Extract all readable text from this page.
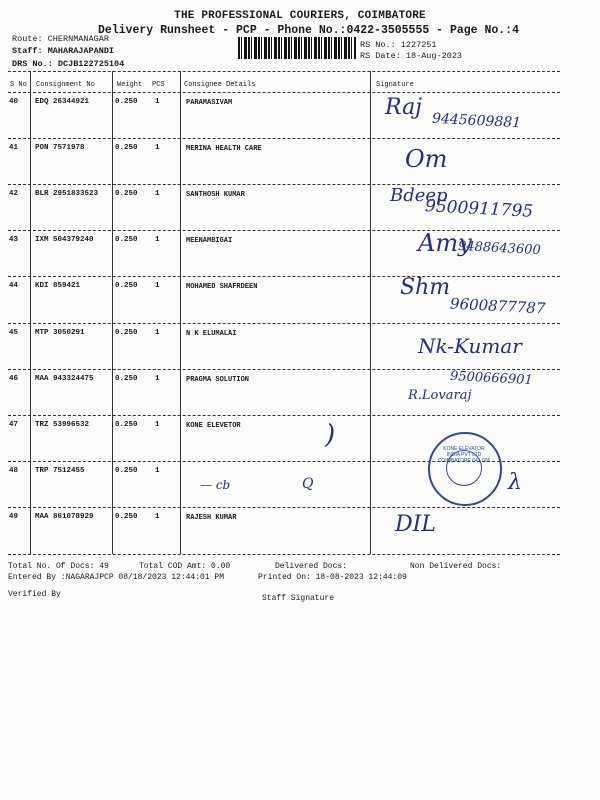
THE PROFESSIONAL COURIERS, COIMBATORE
Delivery Runsheet - PCP - Phone No.:0422-3505555 - Page No.:4
Route: CHERNMANAGAR
Staff: MAHARAJAPANDI
DRS No.: DCJB122725104
RS No.: 1227251
RS Date: 18-Aug-2023
S No Consignment No	Weight PCS	Consignee Details	Signature
40 EDQ 26344921	0.250 1	PARAMASIVAM	Raj
9445609881
41 PON 7571978	0.250 1	MERINA HEALTH CARE	Om
42 BLR 2951833523 0.250 1	SANTHOSH KUMAR	Bdeep
9500911795
43 IXM 504379240	0.250 1	MEENAMBIGAI	Amy
9488643600
44 KDI 859421	0.250 1	MOHAMED SHAFRDEEN	Shm
9600877787
45 MTP 3050291	0.250 1	N K ELUMALAI	Nk-Kumar
46 MAA 943324475	0.250 1	PRAGMA SOLUTION
R.Lovaraj
9500666901
47 TRZ 53996532	0.250 1	KONE ELEVETOR
48 TRP 7512455	0.250 1
49 MAA 861078929	0.250 1	RAJESH KUMAR	DIL
KONE ELEVATOR INDIA PVT LTD COIMBATORE 641 005
)
— cb	Q	λ
Total No. Of Docs: 49	Total COD Amt: 0.00	Delivered Docs:	Non Delivered Docs:
Entered By :NAGARAJPCP 08/18/2023 12:44:01 PM	Printed On: 18-08-2023 12:44:09
Verified By	Staff Signature
